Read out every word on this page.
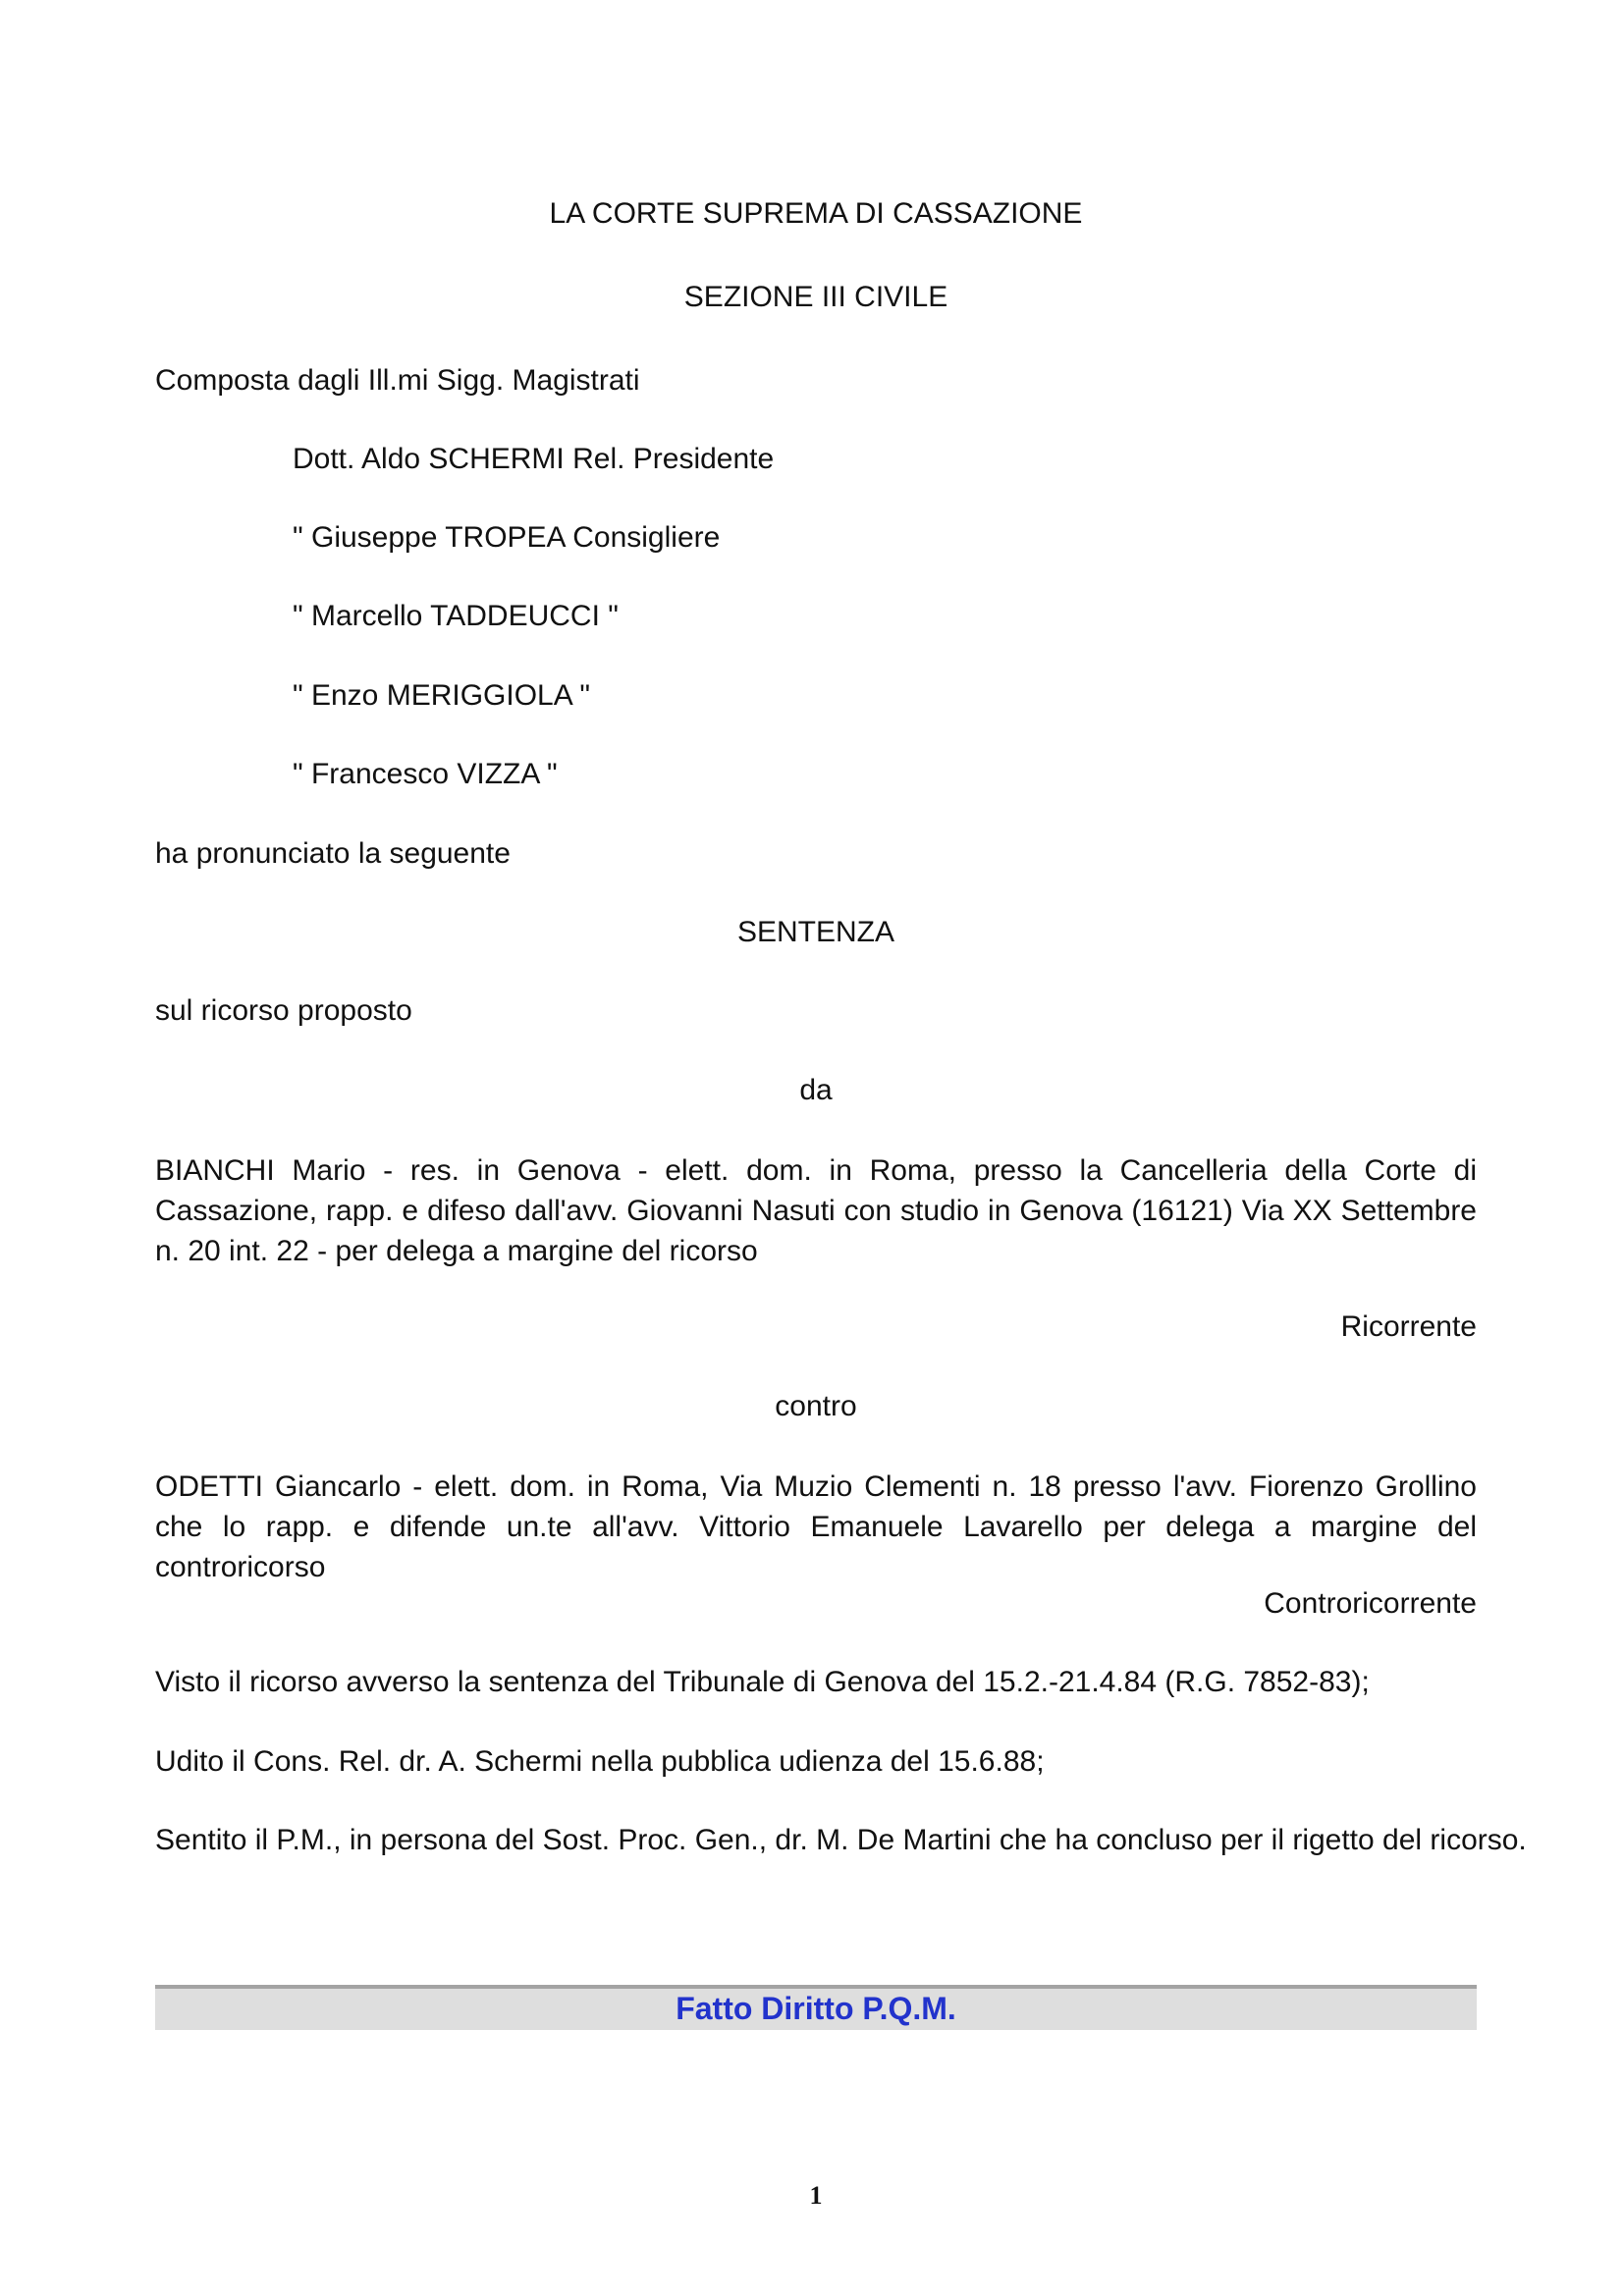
LA CORTE SUPREMA DI CASSAZIONE
SEZIONE III CIVILE
Composta dagli Ill.mi Sigg. Magistrati
Dott. Aldo SCHERMI Rel. Presidente
" Giuseppe TROPEA Consigliere
" Marcello TADDEUCCI "
" Enzo MERIGGIOLA "
" Francesco VIZZA "
ha pronunciato la seguente
SENTENZA
sul ricorso proposto
da
BIANCHI Mario - res. in Genova - elett. dom. in Roma, presso la Cancelleria della Corte di Cassazione, rapp. e difeso dall'avv. Giovanni Nasuti con studio in Genova (16121) Via XX Settembre n. 20 int. 22 - per delega a margine del ricorso
Ricorrente
contro
ODETTI Giancarlo - elett. dom. in Roma, Via Muzio Clementi n. 18 presso l'avv. Fiorenzo Grollino che lo rapp. e difende un.te all'avv. Vittorio Emanuele Lavarello per delega a margine del controricorso
Controricorrente
Visto il ricorso avverso la sentenza del Tribunale di Genova del 15.2.-21.4.84 (R.G. 7852-83);
Udito il Cons. Rel. dr. A. Schermi nella pubblica udienza del 15.6.88;
Sentito il P.M., in persona del Sost. Proc. Gen., dr. M. De Martini che ha concluso per il rigetto del ricorso.
Fatto Diritto P.Q.M.
1
